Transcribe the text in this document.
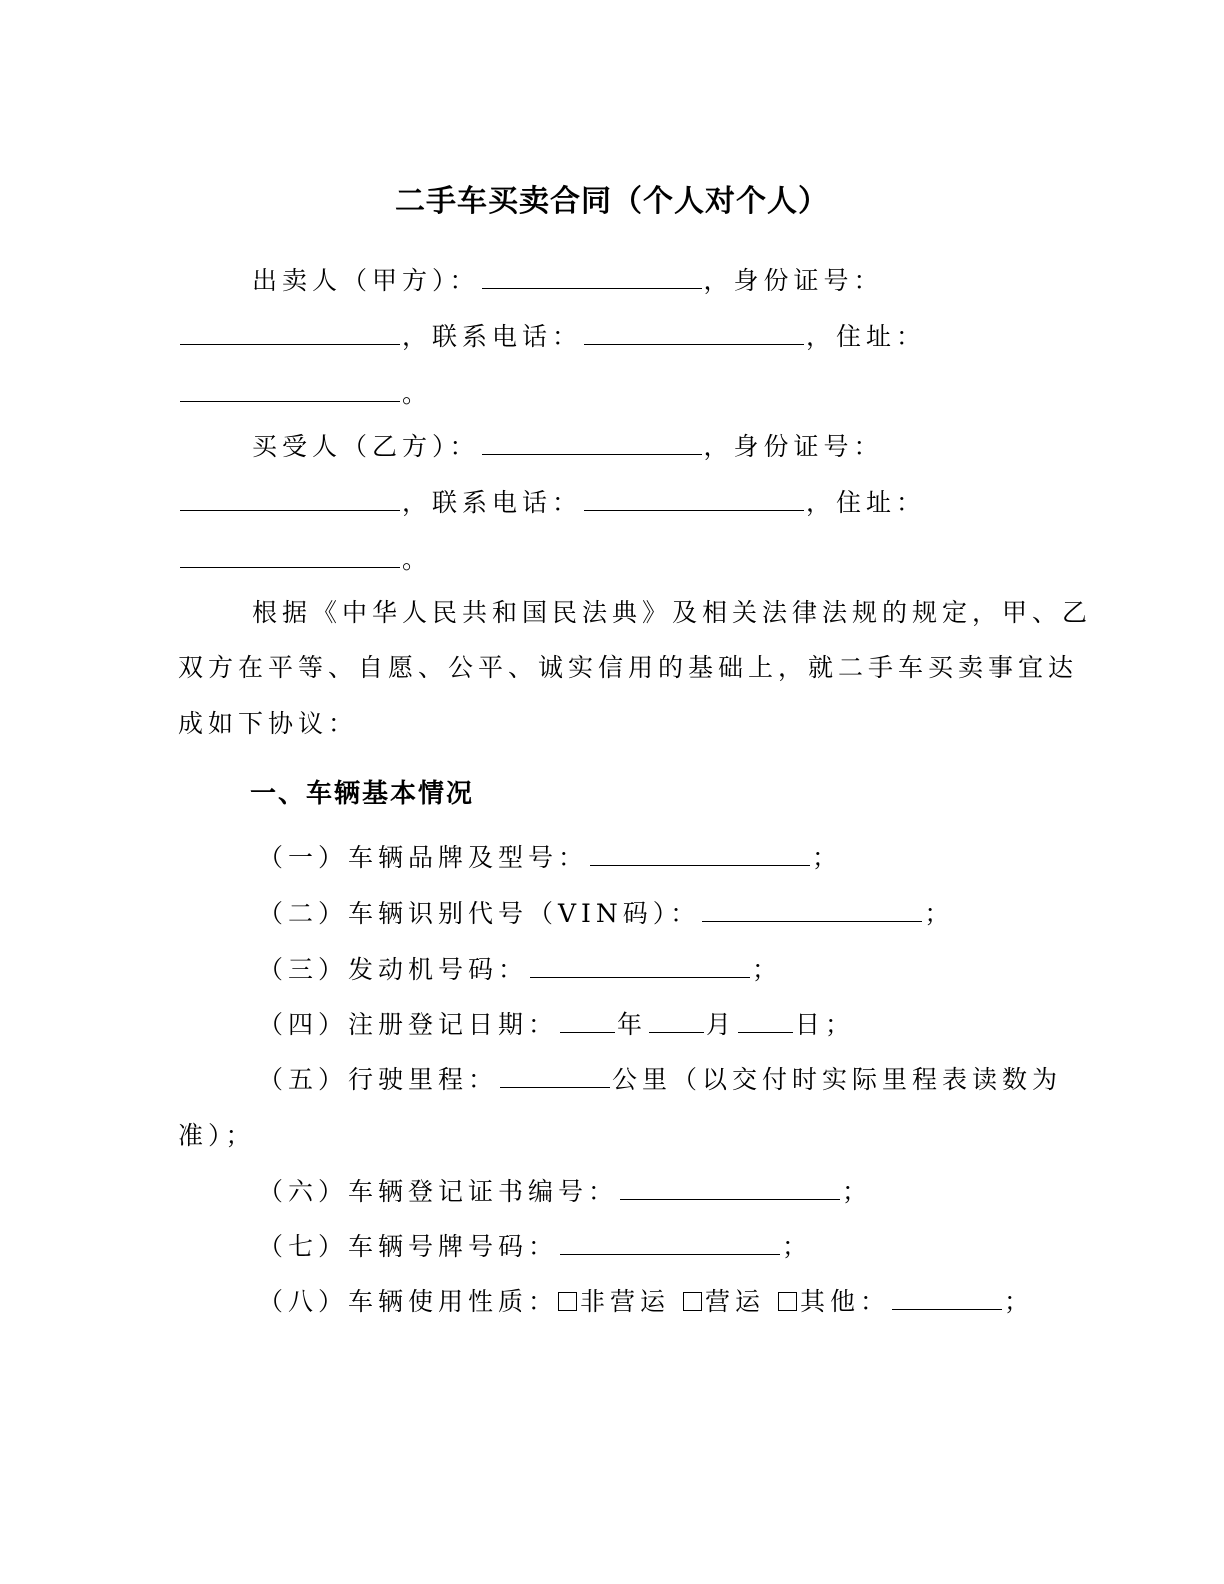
二手车买卖合同（个人对个人）
出卖人（甲方）：	，身份证号：
，联系电话：	，住址：
。
买受人（乙方）：	，身份证号：
，联系电话：	，住址：
。
根据《中华人民共和国民法典》及相关法律法规的规定，甲、乙
双方在平等、自愿、公平、诚实信用的基础上，就二手车买卖事宜达
成如下协议：
一、车辆基本情况
（一）车辆品牌及型号：	；
（二）车辆识别代号（VIN码）：	；
（三）发动机号码：	；
（四）注册登记日期： 年 月 日；
（五）行驶里程：	公里（以交付时实际里程表读数为
准）；
（六）车辆登记证书编号：	；
（七）车辆号牌号码：	；
（八）车辆使用性质： 非营运 营运 其他：	；
